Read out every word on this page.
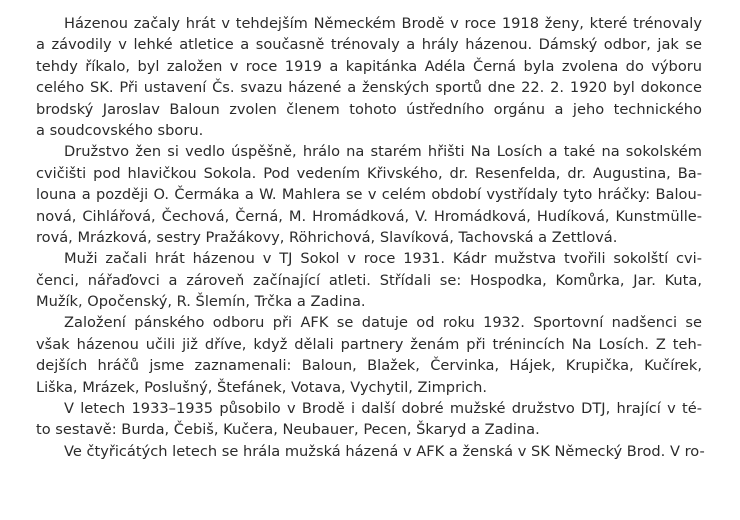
Házenou začaly hrát v tehdejším Německém Brodě v roce 1918 ženy, které trénovaly
a závodily v lehké atletice a současně trénovaly a hrály házenou. Dámský odbor, jak se
tehdy říkalo, byl založen v roce 1919 a kapitánka Adéla Černá byla zvolena do výboru
celého SK. Při ustavení Čs. svazu házené a ženských sportů dne 22. 2. 1920 byl dokonce
brodský Jaroslav Baloun zvolen členem tohoto ústředního orgánu a jeho technického
a soudcovského sboru.
Družstvo žen si vedlo úspěšně, hrálo na starém hřišti Na Losích a také na sokolském
cvičišti pod hlavičkou Sokola. Pod vedením Křivského, dr. Resenfelda, dr. Augustina, Ba-
louna a později O. Čermáka a W. Mahlera se v celém období vystřídaly tyto hráčky: Balou-
nová, Cihlářová, Čechová, Černá, M. Hromádková, V. Hromádková, Hudíková, Kunstmülle-
rová, Mrázková, sestry Pražákovy, Röhrichová, Slavíková, Tachovská a Zettlová.
Muži začali hrát házenou v TJ Sokol v roce 1931. Kádr mužstva tvořili sokolští cvi-
čenci, nářaďovci a zároveň začínající atleti. Střídali se: Hospodka, Komůrka, Jar. Kuta,
Mužík, Opočenský, R. Šlemín, Trčka a Zadina.
Založení pánského odboru při AFK se datuje od roku 1932. Sportovní nadšenci se
však házenou učili již dříve, když dělali partnery ženám při trénincích Na Losích. Z teh-
dejších hráčů jsme zaznamenali: Baloun, Blažek, Červinka, Hájek, Krupička, Kučírek,
Liška, Mrázek, Poslušný, Štefánek, Votava, Vychytil, Zimprich.
V letech 1933–1935 působilo v Brodě i další dobré mužské družstvo DTJ, hrající v té-
to sestavě: Burda, Čebiš, Kučera, Neubauer, Pecen, Škaryd a Zadina.
Ve čtyřicátých letech se hrála mužská házená v AFK a ženská v SK Německý Brod. V ro-
